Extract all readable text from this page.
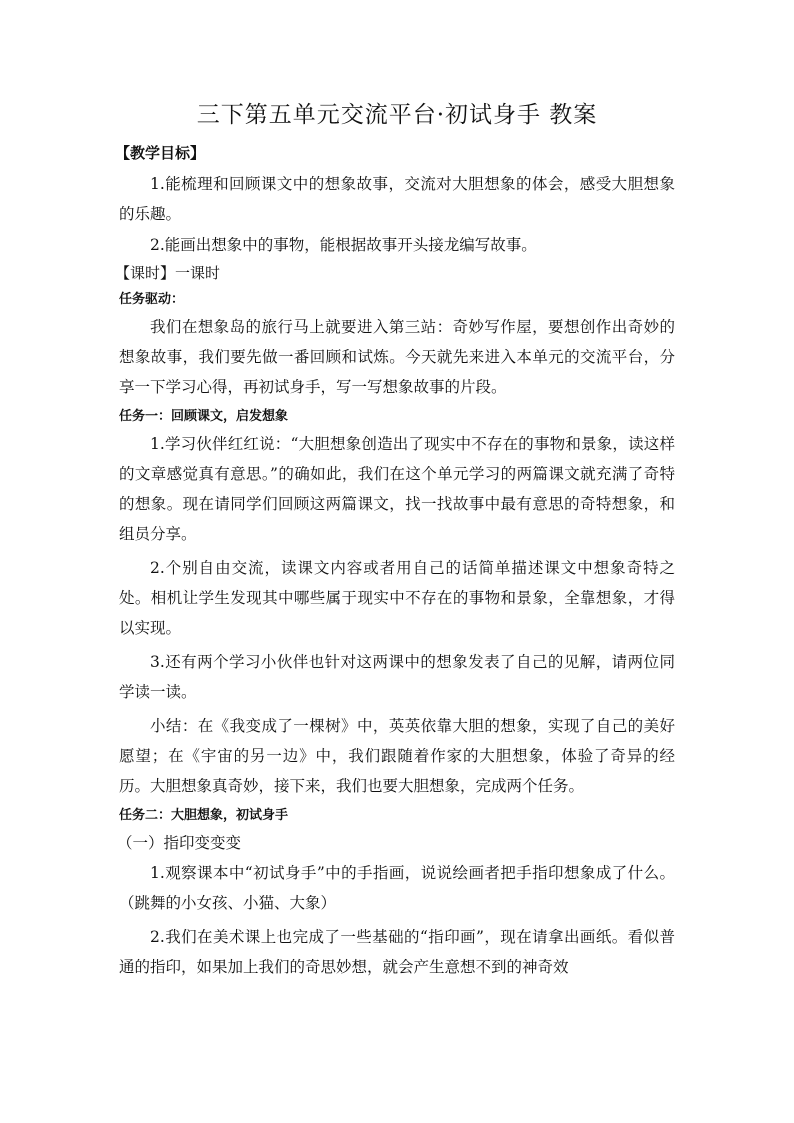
三下第五单元交流平台·初试身手 教案
【教学目标】
1.能梳理和回顾课文中的想象故事，交流对大胆想象的体会，感受大胆想象的乐趣。
2.能画出想象中的事物，能根据故事开头接龙编写故事。
【课时】一课时
任务驱动：
我们在想象岛的旅行马上就要进入第三站：奇妙写作屋，要想创作出奇妙的想象故事，我们要先做一番回顾和试炼。今天就先来进入本单元的交流平台，分享一下学习心得，再初试身手，写一写想象故事的片段。
任务一：回顾课文，启发想象
1.学习伙伴红红说：“大胆想象创造出了现实中不存在的事物和景象，读这样的文章感觉真有意思。”的确如此，我们在这个单元学习的两篇课文就充满了奇特的想象。现在请同学们回顾这两篇课文，找一找故事中最有意思的奇特想象，和组员分享。
2.个别自由交流，读课文内容或者用自己的话简单描述课文中想象奇特之处。相机让学生发现其中哪些属于现实中不存在的事物和景象，全靠想象，才得以实现。
3.还有两个学习小伙伴也针对这两课中的想象发表了自己的见解，请两位同学读一读。
小结：在《我变成了一棵树》中，英英依靠大胆的想象，实现了自己的美好愿望；在《宇宙的另一边》中，我们跟随着作家的大胆想象，体验了奇异的经历。大胆想象真奇妙，接下来，我们也要大胆想象，完成两个任务。
任务二：大胆想象，初试身手
（一）指印变变变
1.观察课本中“初试身手”中的手指画，说说绘画者把手指印想象成了什么。（跳舞的小女孩、小猫、大象）
2.我们在美术课上也完成了一些基础的“指印画”，现在请拿出画纸。看似普通的指印，如果加上我们的奇思妙想，就会产生意想不到的神奇效
